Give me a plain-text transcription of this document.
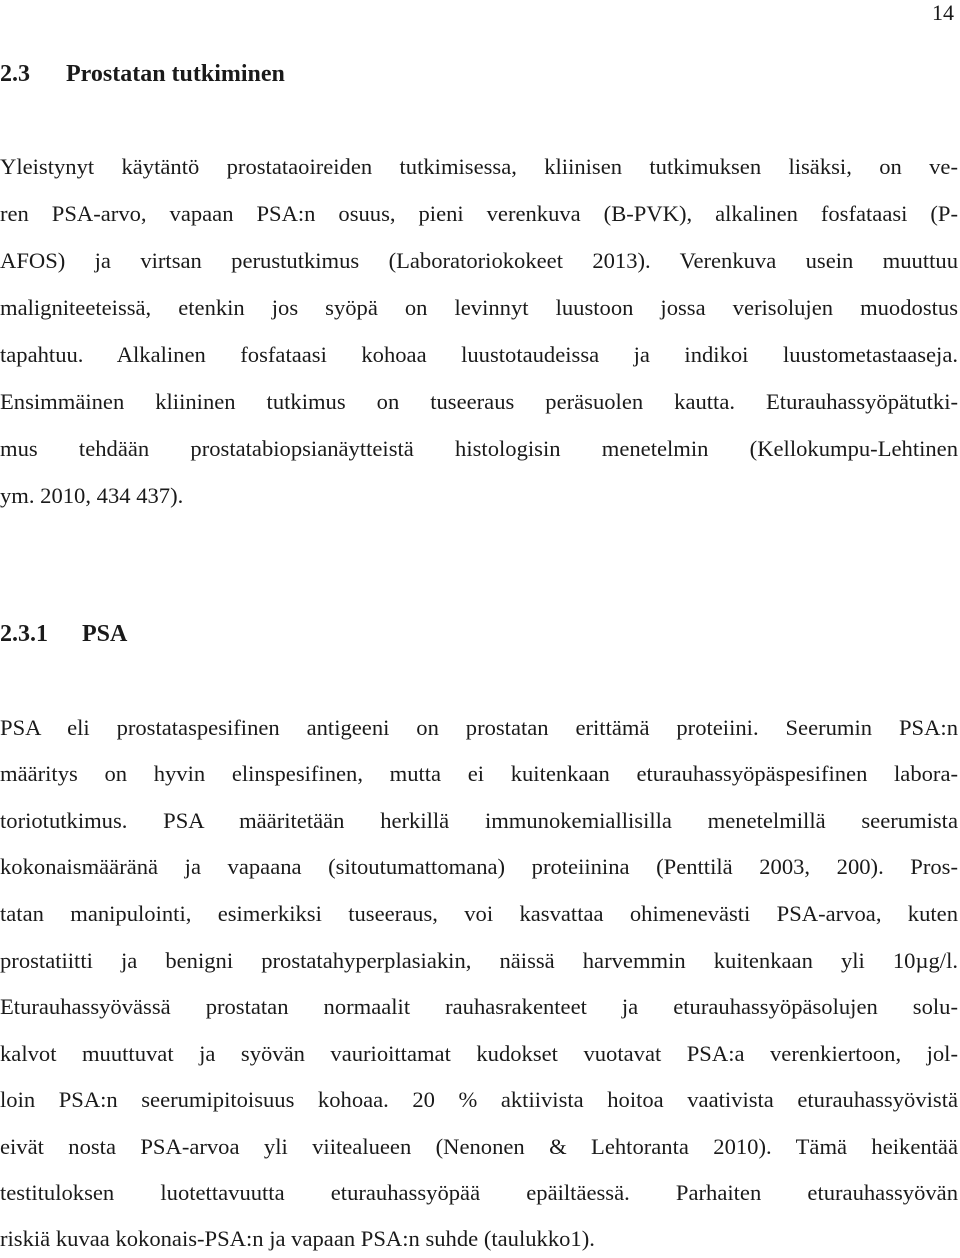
14
2.3 Prostatan tutkiminen
Yleistynyt käytäntö prostataoireiden tutkimisessa, kliinisen tutkimuksen lisäksi, on ve-
ren PSA-arvo, vapaan PSA:n osuus, pieni verenkuva (B-PVK), alkalinen fosfataasi (P-
AFOS) ja virtsan perustutkimus (Laboratoriokokeet 2013). Verenkuva usein muuttuu
maligniteeteissä, etenkin jos syöpä on levinnyt luustoon jossa verisolujen muodostus
tapahtuu. Alkalinen fosfataasi kohoaa luustotaudeissa ja indikoi luustometastaaseja.
Ensimmäinen kliininen tutkimus on tuseeraus peräsuolen kautta. Eturauhassyöpätutki-
mus tehdään prostatabiopsianäytteistä histologisin menetelmin (Kellokumpu-Lehtinen
ym. 2010, 434 437).
2.3.1 PSA
PSA eli prostataspesifinen antigeeni on prostatan erittämä proteiini. Seerumin PSA:n
määritys on hyvin elinspesifinen, mutta ei kuitenkaan eturauhassyöpäspesifinen labora-
toriotutkimus. PSA määritetään herkillä immunokemiallisilla menetelmillä seerumista
kokonaismääränä ja vapaana (sitoutumattomana) proteiinina (Penttilä 2003, 200). Pros-
tatan manipulointi, esimerkiksi tuseeraus, voi kasvattaa ohimenevästi PSA-arvoa, kuten
prostatiitti ja benigni prostatahyperplasiakin, näissä harvemmin kuitenkaan yli 10µg/l.
Eturauhassyövässä prostatan normaalit rauhasrakenteet ja eturauhassyöpäsolujen solu-
kalvot muuttuvat ja syövän vaurioittamat kudokset vuotavat PSA:a verenkiertoon, jol-
loin PSA:n seerumipitoisuus kohoaa. 20 % aktiivista hoitoa vaativista eturauhassyövistä
eivät nosta PSA-arvoa yli viitealueen (Nenonen & Lehtoranta 2010). Tämä heikentää
testituloksen luotettavuutta eturauhassyöpää epäiltäessä. Parhaiten eturauhassyövän
riskiä kuvaa kokonais-PSA:n ja vapaan PSA:n suhde (taulukko1).
